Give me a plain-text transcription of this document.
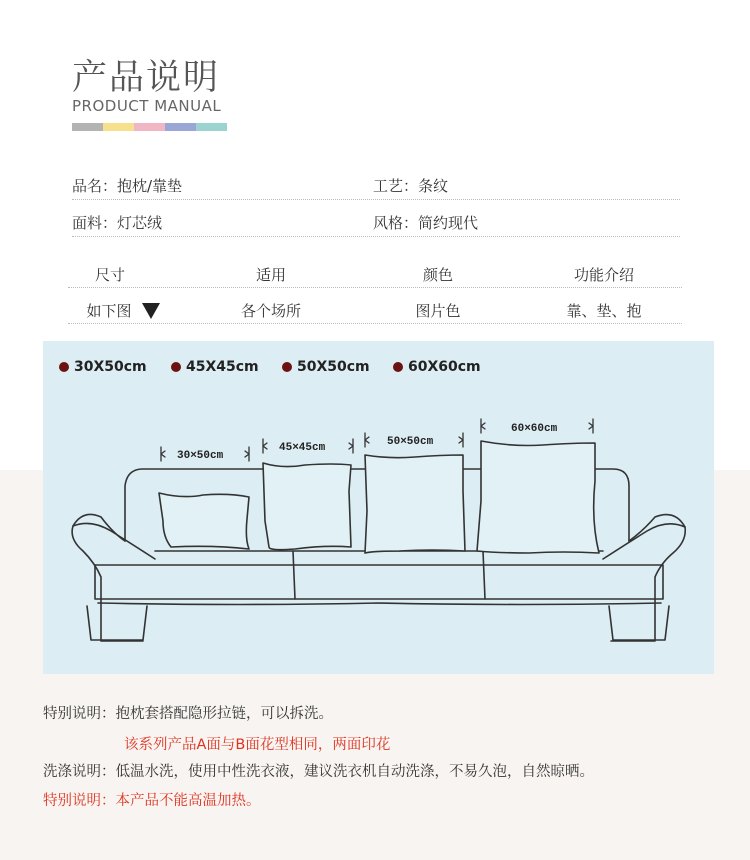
产品说明
PRODUCT MANUAL
品名：抱枕/靠垫	工艺：条纹
面料：灯芯绒	风格：简约现代
尺寸	适用	颜色	功能介绍
如下图	各个场所	图片色	靠、垫、抱
30X50cm	45X45cm	50X50cm	60X60cm
30×50cm
45×45cm	50×50cm
60×60cm
特别说明：抱枕套搭配隐形拉链，可以拆洗。
该系列产品A面与B面花型相同，两面印花
洗涤说明：低温水洗，使用中性洗衣液，建议洗衣机自动洗涤，不易久泡，自然晾晒。
特别说明：本产品不能高温加热。
